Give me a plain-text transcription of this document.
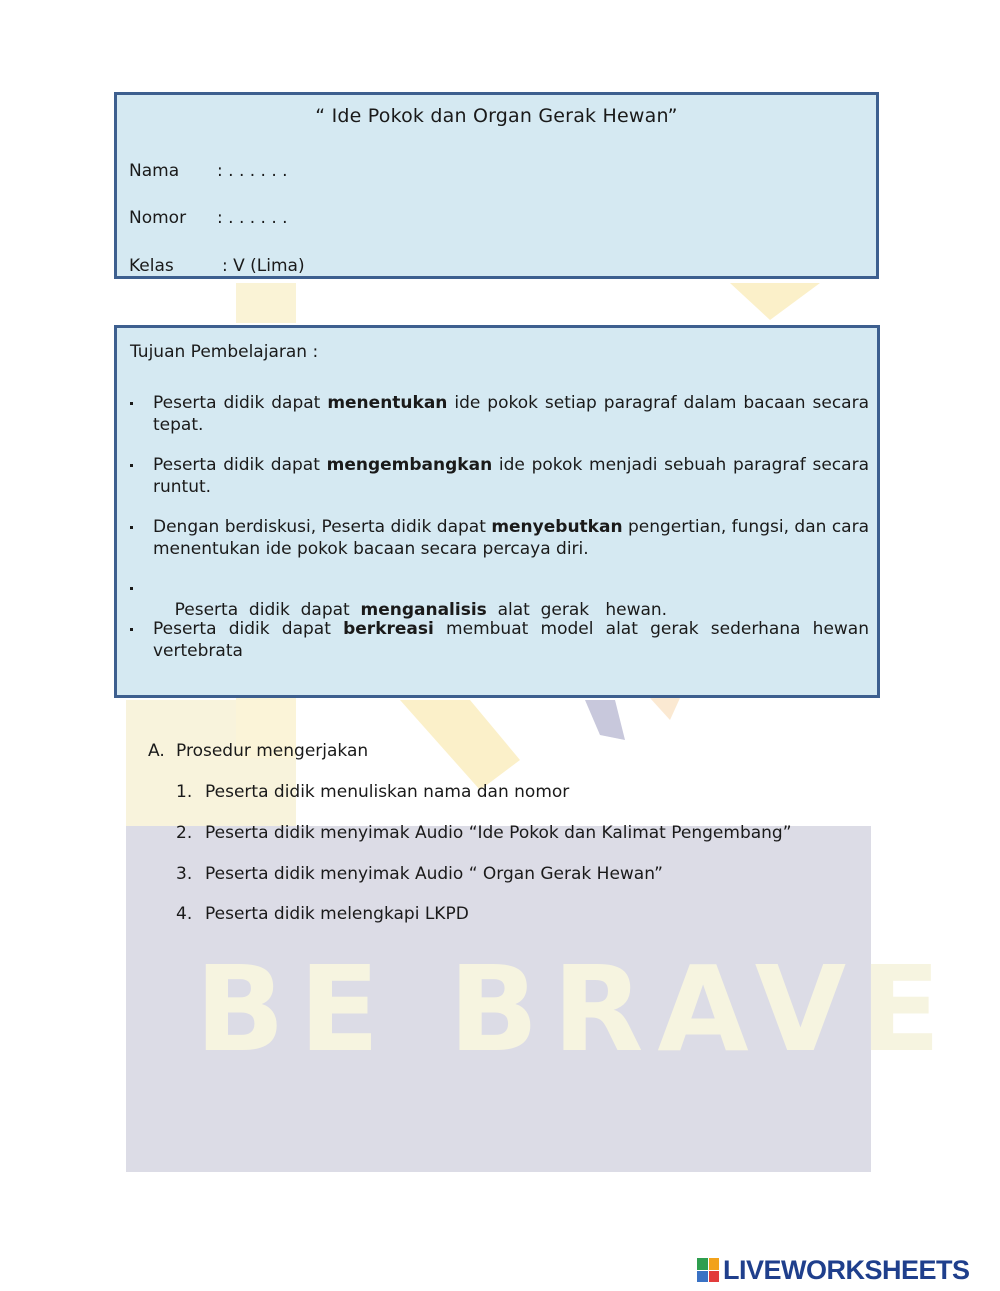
BE BRAVE
“ Ide Pokok dan Organ Gerak Hewan”
Nama : . . . . . .
Nomor : . . . . . .
Kelas	: V (Lima)
Tujuan Pembelajaran :
Peserta didik dapat menentukan ide pokok setiap paragraf dalam bacaan secara tepat.
Peserta didik dapat mengembangkan ide pokok menjadi sebuah paragraf secara runtut.
Dengan berdiskusi, Peserta didik dapat menyebutkan pengertian, fungsi, dan cara menentukan ide pokok bacaan secara percaya diri.

Peserta  didik  dapat  menganalisis  alat  gerak   hewan.

Peserta didik dapat berkreasi membuat model alat gerak sederhana hewan vertebrata
A. Prosedur mengerjakan
1. Peserta didik menuliskan nama dan nomor
2. Peserta didik menyimak Audio “Ide Pokok dan Kalimat Pengembang”
3. Peserta didik menyimak Audio “ Organ Gerak Hewan”
4. Peserta didik melengkapi LKPD
LIVEWORKSHEETS
